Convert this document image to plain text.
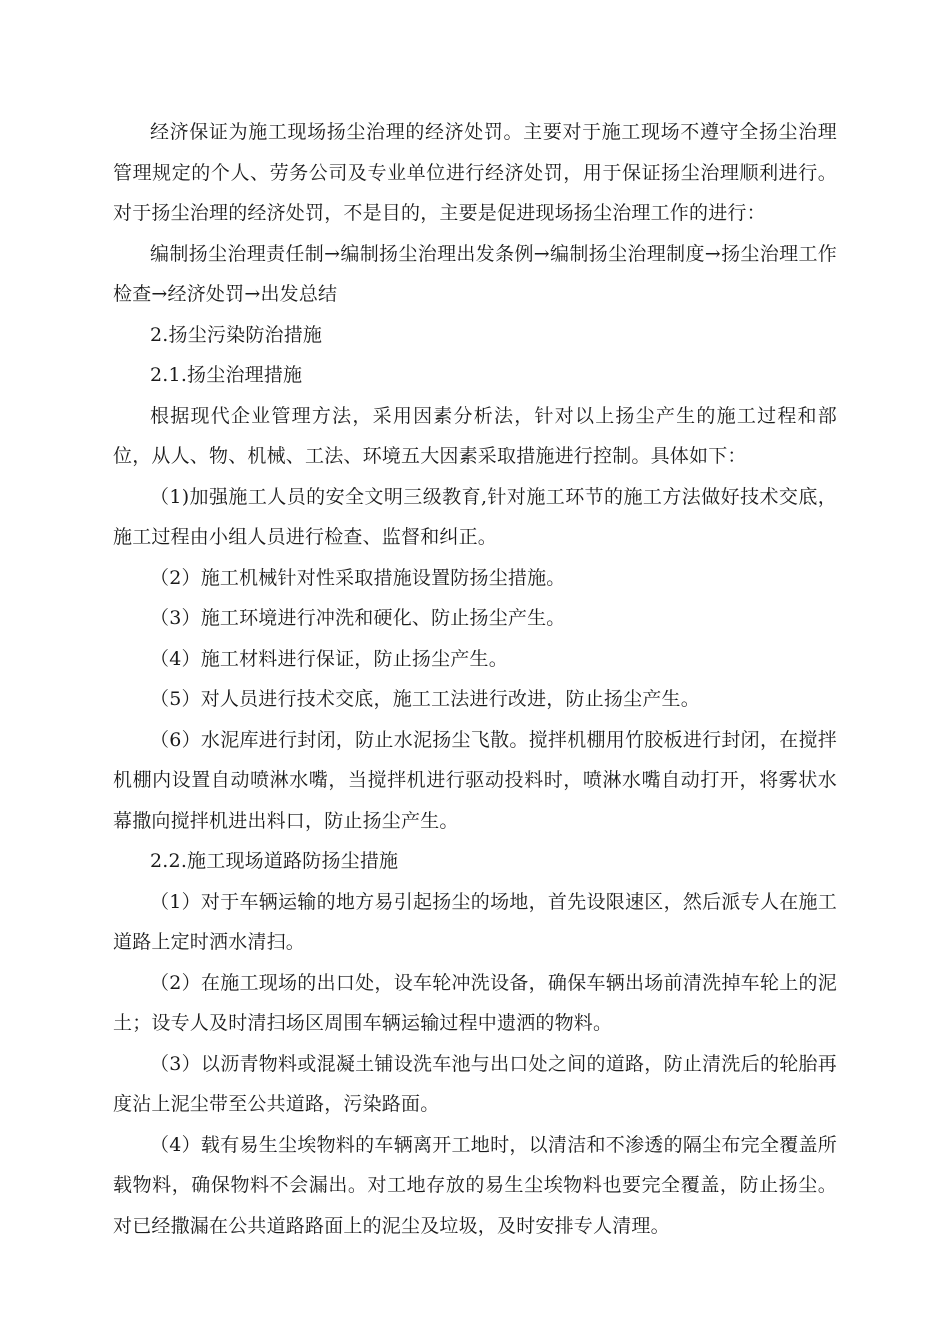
经济保证为施工现场扬尘治理的经济处罚。主要对于施工现场不遵守全扬尘治理管理规定的个人、劳务公司及专业单位进行经济处罚，用于保证扬尘治理顺利进行。对于扬尘治理的经济处罚，不是目的，主要是促进现场扬尘治理工作的进行：

编制扬尘治理责任制→编制扬尘治理出发条例→编制扬尘治理制度→扬尘治理工作检查→经济处罚→出发总结

2.扬尘污染防治措施

2.1.扬尘治理措施

根据现代企业管理方法，采用因素分析法，针对以上扬尘产生的施工过程和部位，从人、物、机械、工法、环境五大因素采取措施进行控制。具体如下：

（1)加强施工人员的安全文明三级教育,针对施工环节的施工方法做好技术交底，施工过程由小组人员进行检查、监督和纠正。

（2）施工机械针对性采取措施设置防扬尘措施。

（3）施工环境进行冲洗和硬化、防止扬尘产生。

（4）施工材料进行保证，防止扬尘产生。

（5）对人员进行技术交底，施工工法进行改进，防止扬尘产生。

（6）水泥库进行封闭，防止水泥扬尘飞散。搅拌机棚用竹胶板进行封闭，在搅拌机棚内设置自动喷淋水嘴，当搅拌机进行驱动投料时，喷淋水嘴自动打开，将雾状水幕撒向搅拌机进出料口，防止扬尘产生。

2.2.施工现场道路防扬尘措施

（1）对于车辆运输的地方易引起扬尘的场地，首先设限速区，然后派专人在施工道路上定时洒水清扫。

（2）在施工现场的出口处，设车轮冲洗设备，确保车辆出场前清洗掉车轮上的泥土；设专人及时清扫场区周围车辆运输过程中遗洒的物料。

（3）以沥青物料或混凝土铺设洗车池与出口处之间的道路，防止清洗后的轮胎再度沾上泥尘带至公共道路，污染路面。

（4）载有易生尘埃物料的车辆离开工地时，以清洁和不渗透的隔尘布完全覆盖所载物料，确保物料不会漏出。对工地存放的易生尘埃物料也要完全覆盖，防止扬尘。对已经撒漏在公共道路路面上的泥尘及垃圾，及时安排专人清理。
